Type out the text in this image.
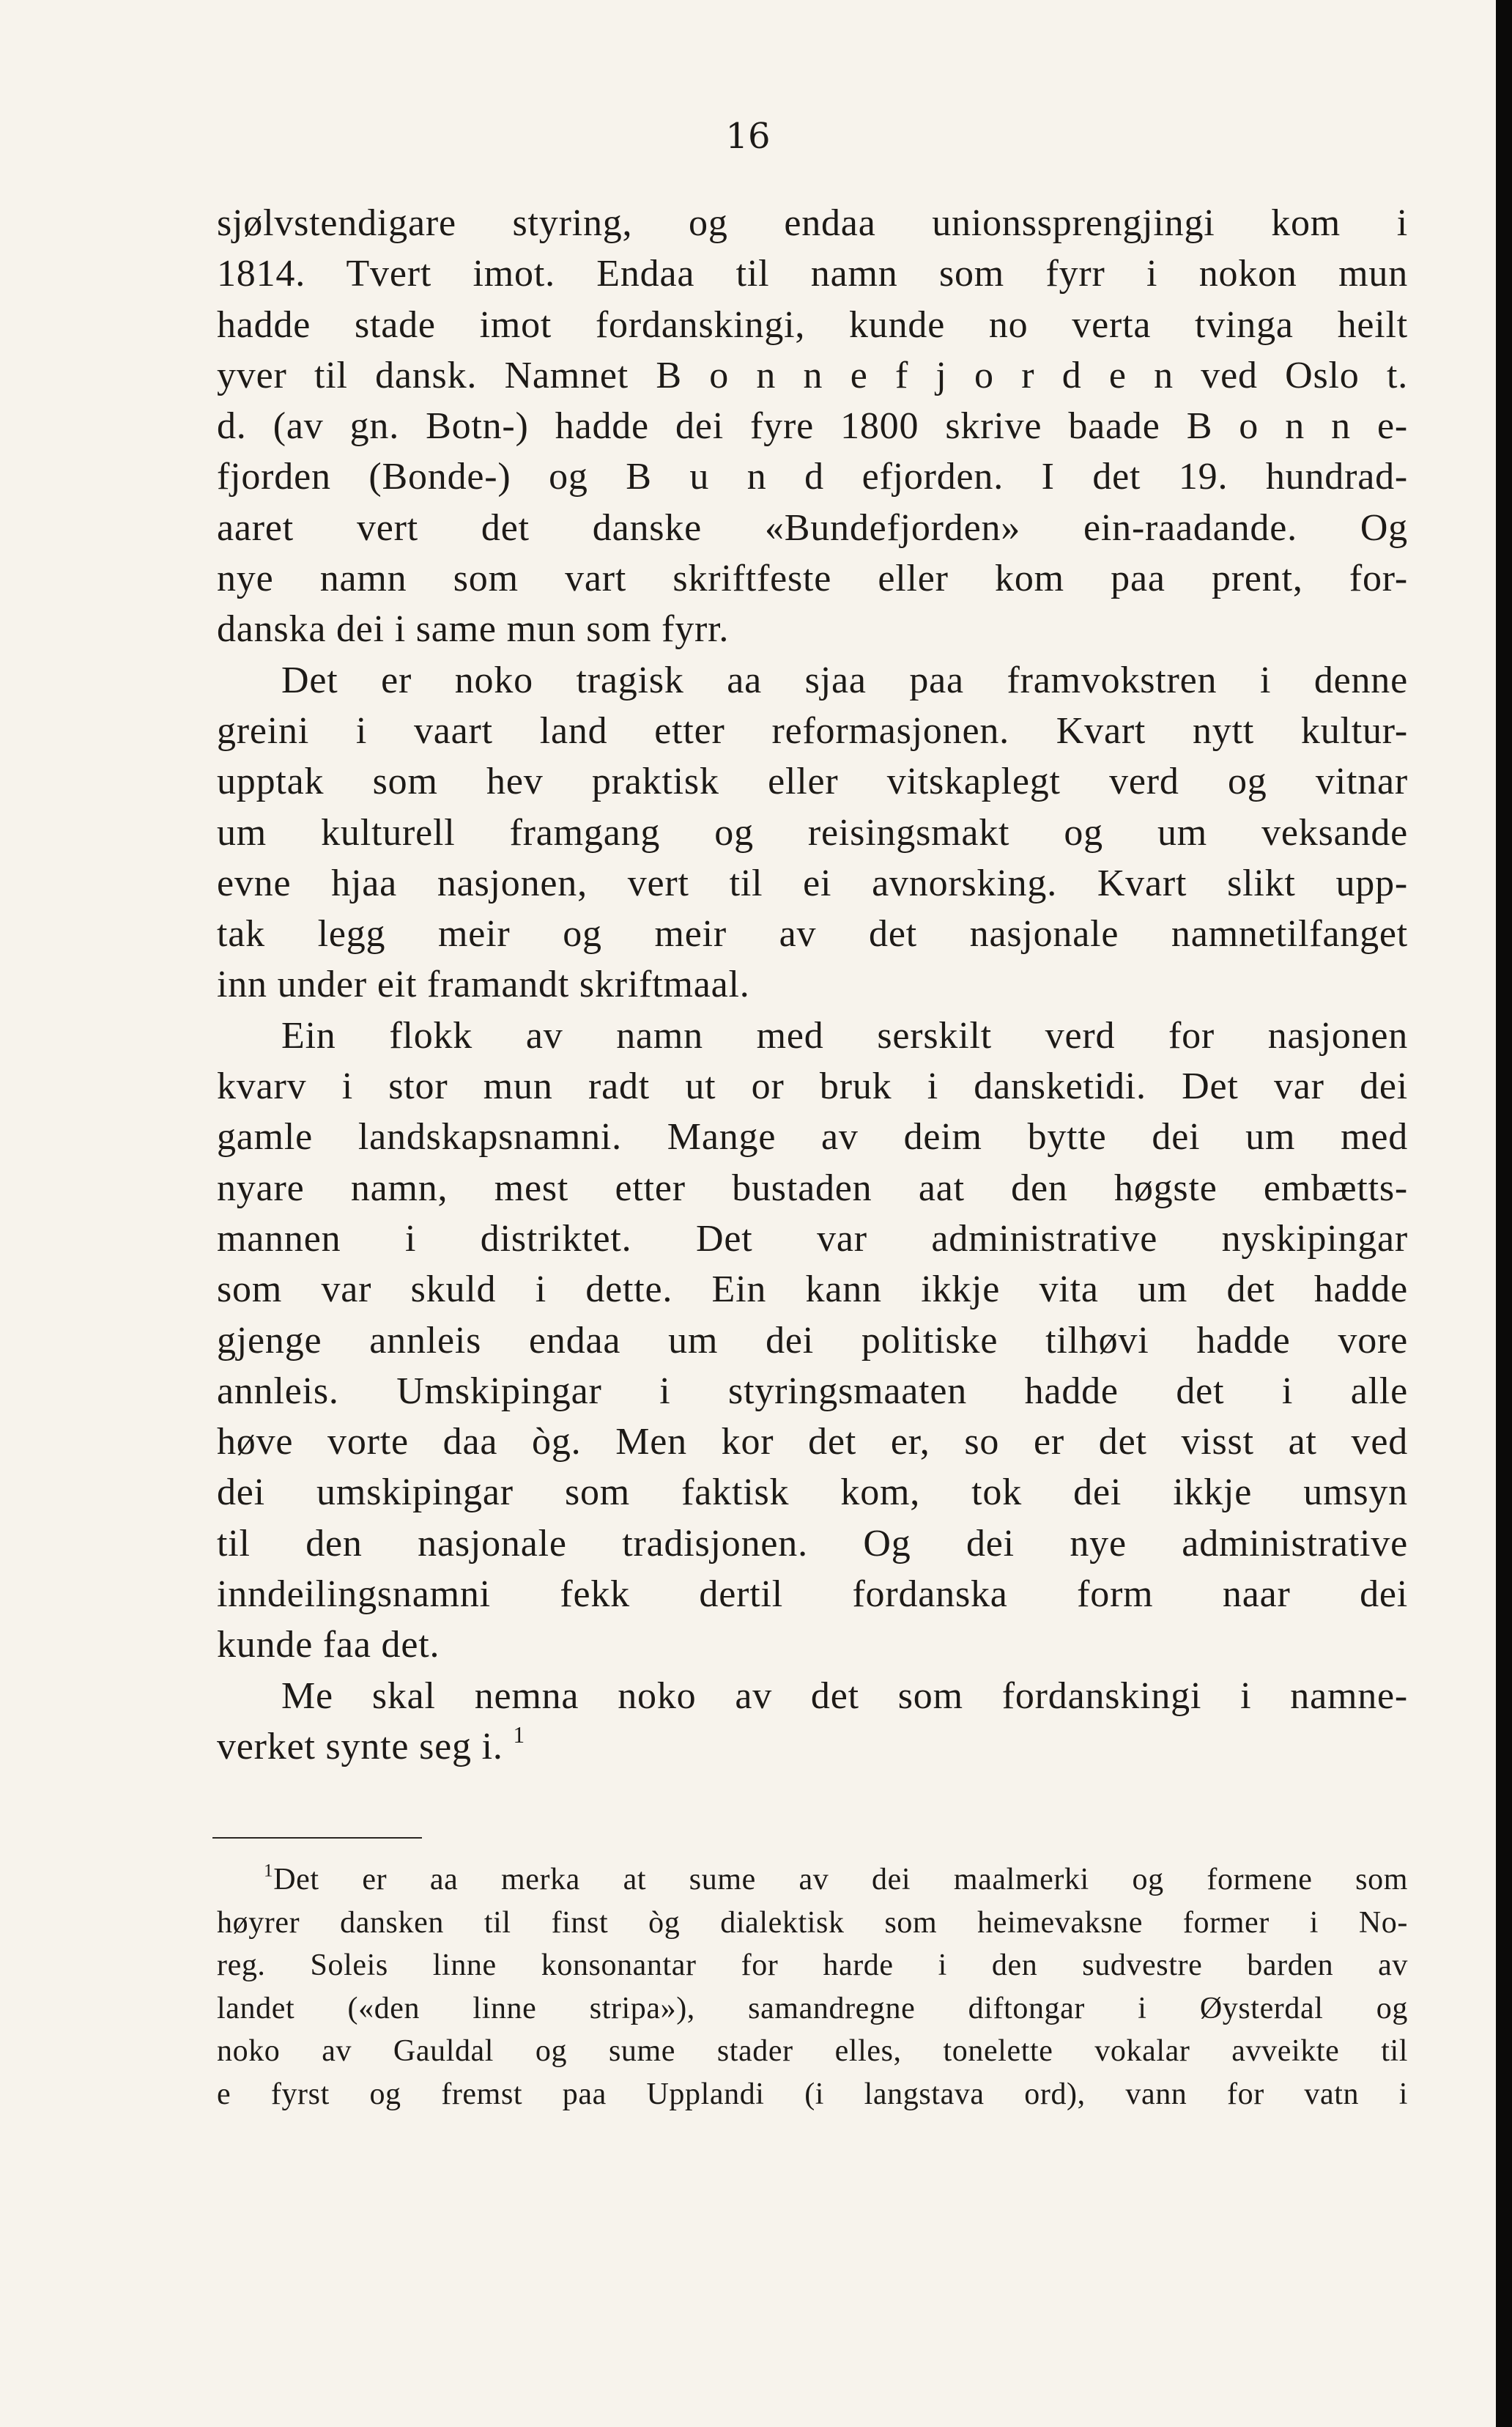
16
sjølvstendigare styring, og endaa unionssprengjingi kom i
1814. Tvert imot. Endaa til namn som fyrr i nokon mun
hadde stade imot fordanskingi, kunde no verta tvinga heilt
yver til dansk. Namnet B o n n e f j o r d e n ved Oslo t.
d. (av gn. Botn-) hadde dei fyre 1800 skrive baade B o n n e-
fjorden (Bonde-) og B u n d efjorden. I det 19. hundrad-
aaret vert det danske «Bundefjorden» ein-raadande. Og
nye namn som vart skriftfeste eller kom paa prent, for-
danska dei i same mun som fyrr.
Det er noko tragisk aa sjaa paa framvokstren i denne
greini i vaart land etter reformasjonen. Kvart nytt kultur-
upptak som hev praktisk eller vitskaplegt verd og vitnar
um kulturell framgang og reisingsmakt og um veksande
evne hjaa nasjonen, vert til ei avnorsking. Kvart slikt upp-
tak legg meir og meir av det nasjonale namnetilfanget
inn under eit framandt skriftmaal.
Ein flokk av namn med serskilt verd for nasjonen
kvarv i stor mun radt ut or bruk i dansketidi. Det var dei
gamle landskapsnamni. Mange av deim bytte dei um med
nyare namn, mest etter bustaden aat den høgste embætts-
mannen i distriktet. Det var administrative nyskipingar
som var skuld i dette. Ein kann ikkje vita um det hadde
gjenge annleis endaa um dei politiske tilhøvi hadde vore
annleis. Umskipingar i styringsmaaten hadde det i alle
høve vorte daa òg. Men kor det er, so er det visst at ved
dei umskipingar som faktisk kom, tok dei ikkje umsyn
til den nasjonale tradisjonen. Og dei nye administrative
inndeilingsnamni fekk dertil fordanska form naar dei
kunde faa det.
Me skal nemna noko av det som fordanskingi i namne-
verket synte seg i. $^1$
$^1$Det er aa merka at sume av dei maalmerki og formene som
høyrer dansken til finst òg dialektisk som heimevaksne former i No-
reg. Soleis linne konsonantar for harde i den sudvestre barden av
landet («den linne stripa»), samandregne diftongar i Øysterdal og
noko av Gauldal og sume stader elles, tonelette vokalar avveikte til
e fyrst og fremst paa Upplandi (i langstava ord), vann for vatn i
